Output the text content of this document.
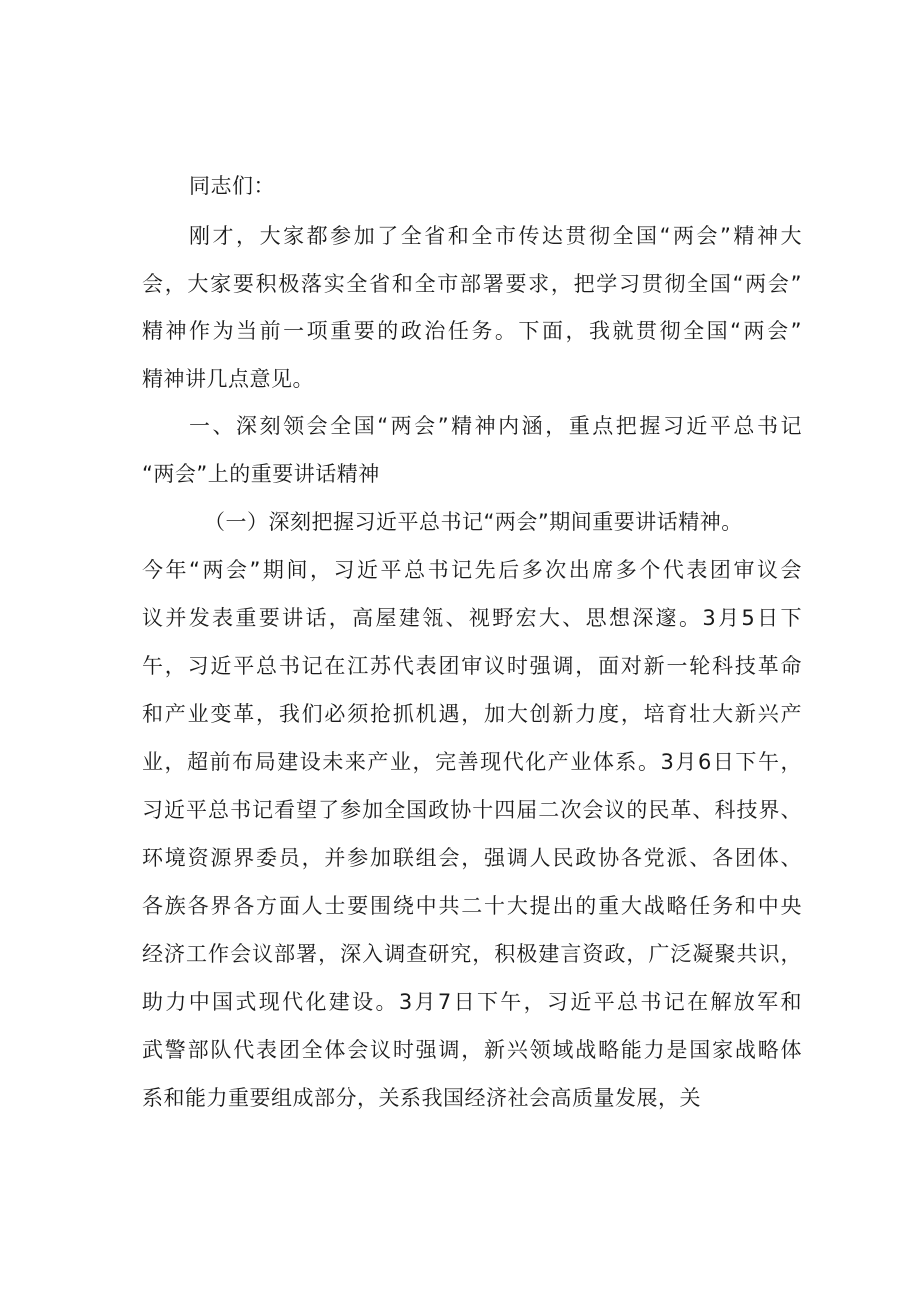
同志们：
刚才，大家都参加了全省和全市传达贯彻全国“两会”精神大
会，大家要积极落实全省和全市部署要求，把学习贯彻全国“两会”
精神作为当前一项重要的政治任务。下面，我就贯彻全国“两会”
精神讲几点意见。
一、深刻领会全国“两会”精神内涵，重点把握习近平总书记
“两会”上的重要讲话精神
（一）深刻把握习近平总书记“两会”期间重要讲话精神。
今年“两会”期间，习近平总书记先后多次出席多个代表团审议会
议并发表重要讲话，高屋建瓴、视野宏大、思想深邃。3月5日下
午，习近平总书记在江苏代表团审议时强调，面对新一轮科技革命
和产业变革，我们必须抢抓机遇，加大创新力度，培育壮大新兴产
业，超前布局建设未来产业，完善现代化产业体系。3月6日下午，
习近平总书记看望了参加全国政协十四届二次会议的民革、科技界、
环境资源界委员，并参加联组会，强调人民政协各党派、各团体、
各族各界各方面人士要围绕中共二十大提出的重大战略任务和中央
经济工作会议部署，深入调查研究，积极建言资政，广泛凝聚共识，
助力中国式现代化建设。3月7日下午，习近平总书记在解放军和
武警部队代表团全体会议时强调，新兴领域战略能力是国家战略体
系和能力重要组成部分，关系我国经济社会高质量发展，关
